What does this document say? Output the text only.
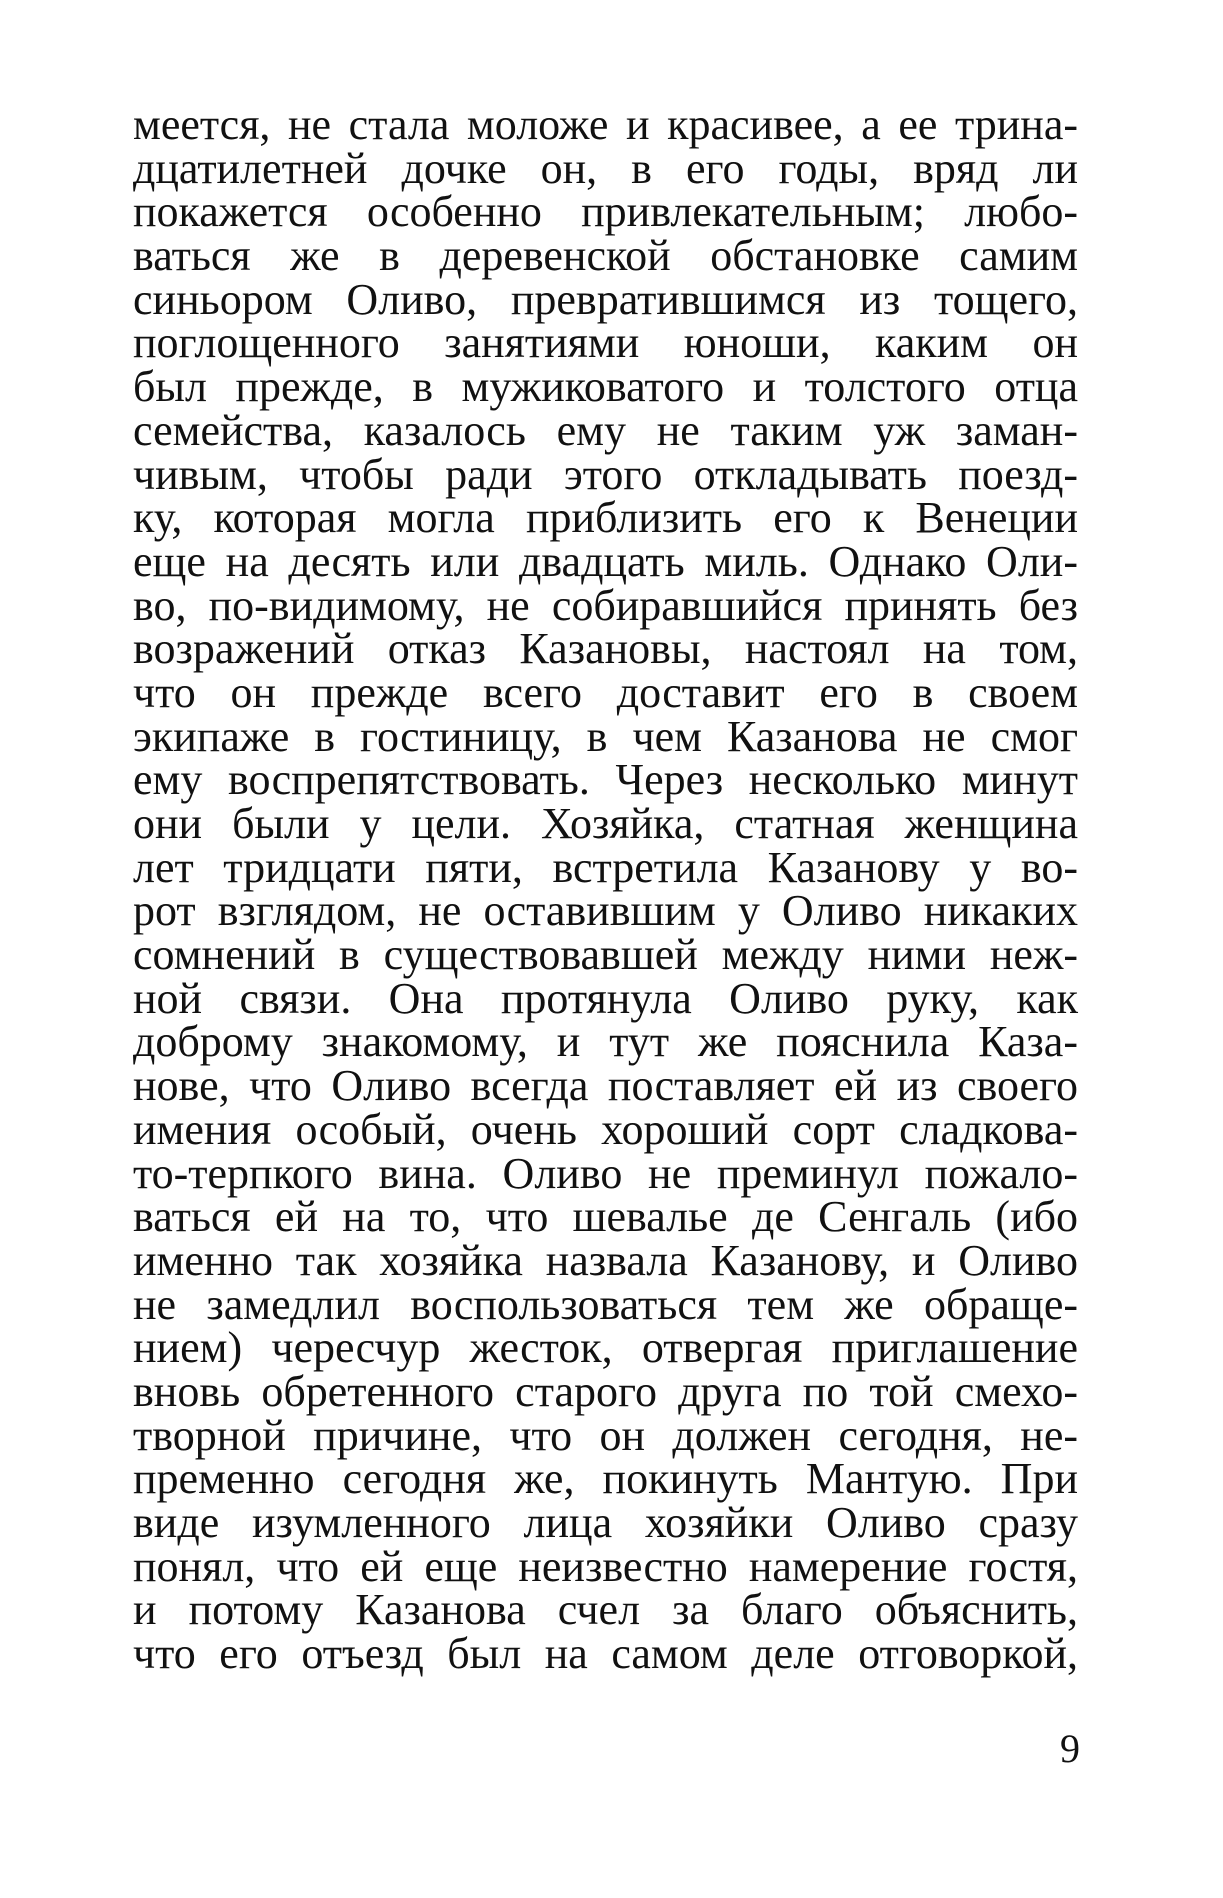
меется, не стала моложе и красивее, а ее трина-
дцатилетней дочке он, в его годы, вряд ли
покажется особенно привлекательным; любо-
ваться же в деревенской обстановке самим
синьором Оливо, превратившимся из тощего,
поглощенного занятиями юноши, каким он
был прежде, в мужиковатого и толстого отца
семейства, казалось ему не таким уж заман-
чивым, чтобы ради этого откладывать поезд-
ку, которая могла приблизить его к Венеции
еще на десять или двадцать миль. Однако Оли-
во, по-видимому, не собиравшийся принять без
возражений отказ Казановы, настоял на том,
что он прежде всего доставит его в своем
экипаже в гостиницу, в чем Казанова не смог
ему воспрепятствовать. Через несколько минут
они были у цели. Хозяйка, статная женщина
лет тридцати пяти, встретила Казанову у во-
рот взглядом, не оставившим у Оливо никаких
сомнений в существовавшей между ними неж-
ной связи. Она протянула Оливо руку, как
доброму знакомому, и тут же пояснила Каза-
нове, что Оливо всегда поставляет ей из своего
имения особый, очень хороший сорт сладкова-
то-терпкого вина. Оливо не преминул пожало-
ваться ей на то, что шевалье де Сенгаль (ибо
именно так хозяйка назвала Казанову, и Оливо
не замедлил воспользоваться тем же обраще-
нием) чересчур жесток, отвергая приглашение
вновь обретенного старого друга по той смехо-
творной причине, что он должен сегодня, не-
пременно сегодня же, покинуть Мантую. При
виде изумленного лица хозяйки Оливо сразу
понял, что ей еще неизвестно намерение гостя,
и потому Казанова счел за благо объяснить,
что его отъезд был на самом деле отговоркой,
9
